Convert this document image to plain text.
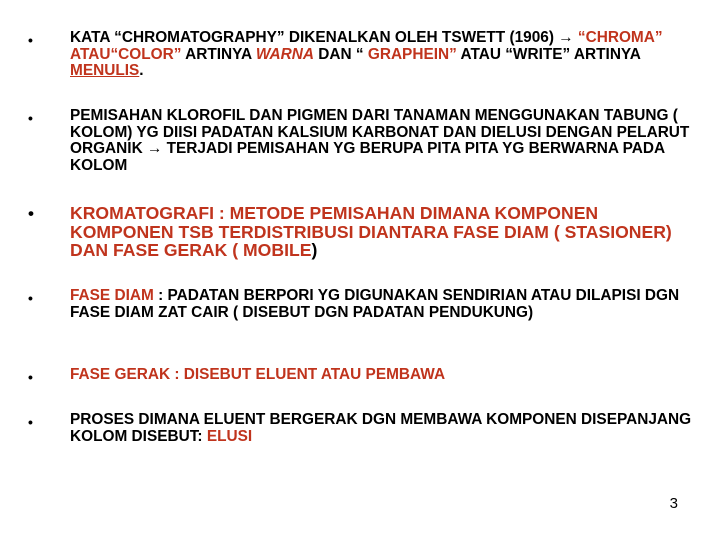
• KATA “CHROMATOGRAPHY” DIKENALKAN OLEH TSWETT (1906) → “CHROMA” ATAU“COLOR” ARTINYA WARNA DAN “ GRAPHEIN” ATAU “WRITE” ARTINYA MENULIS.
• PEMISAHAN KLOROFIL DAN PIGMEN DARI TANAMAN MENGGUNAKAN TABUNG ( KOLOM) YG DIISI PADATAN KALSIUM KARBONAT DAN DIELUSI DENGAN PELARUT ORGANIK → TERJADI PEMISAHAN YG BERUPA PITA PITA YG BERWARNA PADA KOLOM
• KROMATOGRAFI : METODE PEMISAHAN DIMANA KOMPONEN KOMPONEN TSB TERDISTRIBUSI DIANTARA FASE DIAM ( STASIONER) DAN FASE GERAK ( MOBILE)
• FASE DIAM : PADATAN BERPORI YG DIGUNAKAN SENDIRIAN ATAU DILAPISI DGN FASE DIAM ZAT CAIR ( DISEBUT DGN PADATAN PENDUKUNG)
• FASE GERAK : DISEBUT ELUENT ATAU PEMBAWA
• PROSES DIMANA ELUENT BERGERAK DGN MEMBAWA KOMPONEN DISEPANJANG KOLOM DISEBUT: ELUSI
3
